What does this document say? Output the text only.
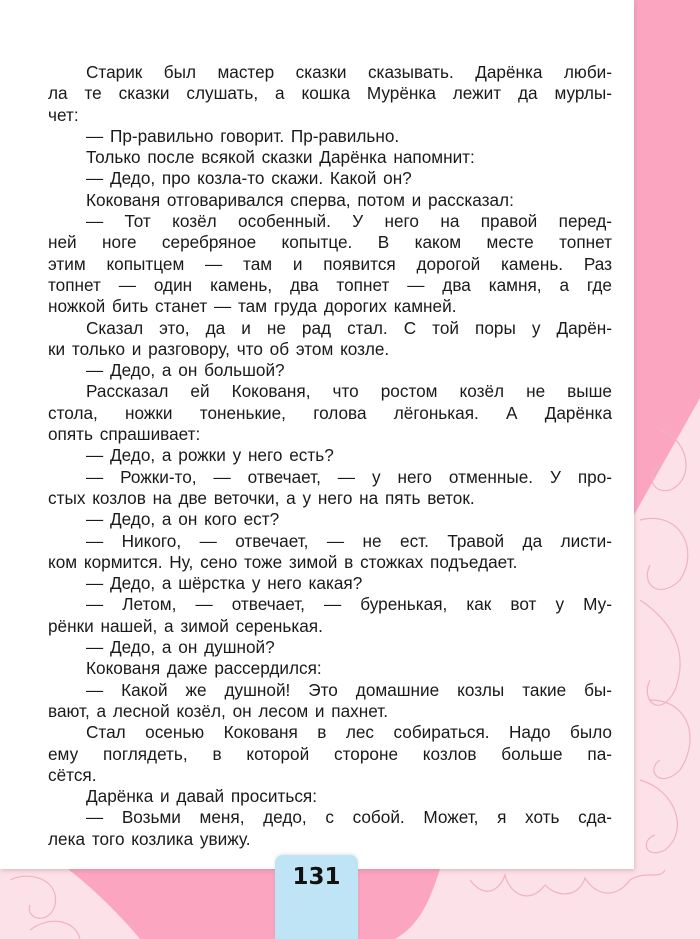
Старик был мастер сказки сказывать. Дарёнка люби-
ла те сказки слушать, а кошка Мурёнка лежит да мурлы-
чет:
— Пр-равильно говорит. Пр-равильно.
Только после всякой сказки Дарёнка напомнит:
— Дедо, про козла-то скажи. Какой он?
Кокованя отговаривался сперва, потом и рассказал:
— Тот козёл особенный. У него на правой перед-
ней ноге серебряное копытце. В каком месте топнет
этим копытцем — там и появится дорогой камень. Раз
топнет — один камень, два топнет — два камня, а где
ножкой бить станет — там груда дорогих камней.
Сказал это, да и не рад стал. С той поры у Дарён-
ки только и разговору, что об этом козле.
— Дедо, а он большой?
Рассказал ей Кокованя, что ростом козёл не выше
стола, ножки тоненькие, голова лёгонькая. А Дарёнка
опять спрашивает:
— Дедо, а рожки у него есть?
— Рожки-то, — отвечает, — у него отменные. У про-
стых козлов на две веточки, а у него на пять веток.
— Дедо, а он кого ест?
— Никого, — отвечает, — не ест. Травой да листи-
ком кормится. Ну, сено тоже зимой в стожках подъедает.
— Дедо, а шёрстка у него какая?
— Летом, — отвечает, — буренькая, как вот у Му-
рёнки нашей, а зимой серенькая.
— Дедо, а он душной?
Кокованя даже рассердился:
— Какой же душной! Это домашние козлы такие бы-
вают, а лесной козёл, он лесом и пахнет.
Стал осенью Кокованя в лес собираться. Надо было
ему поглядеть, в которой стороне козлов больше па-
сётся.
Дарёнка и давай проситься:
— Возьми меня, дедо, с собой. Может, я хоть сда-
лека того козлика увижу.
131
